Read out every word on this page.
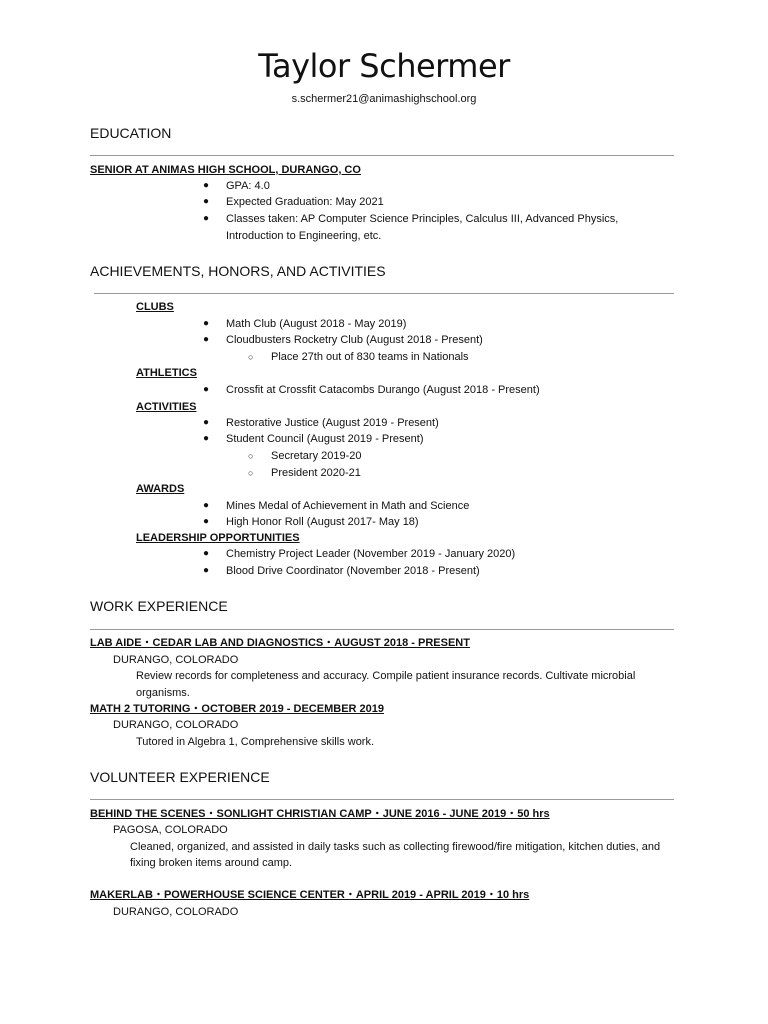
Taylor Schermer
s.schermer21@animashighschool.org
EDUCATION
SENIOR AT ANIMAS HIGH SCHOOL, DURANGO, CO
● GPA: 4.0
● Expected Graduation: May 2021
● Classes taken: AP Computer Science Principles, Calculus III, Advanced Physics,
Introduction to Engineering, etc.
ACHIEVEMENTS, HONORS, AND ACTIVITIES
CLUBS
● Math Club (August 2018 - May 2019)
● Cloudbusters Rocketry Club (August 2018 - Present)
○ Place 27th out of 830 teams in Nationals
ATHLETICS
● Crossfit at Crossfit Catacombs Durango (August 2018 - Present)
ACTIVITIES
● Restorative Justice (August 2019 - Present)
● Student Council (August 2019 - Present)
○ Secretary 2019-20
○ President 2020-21
AWARDS
● Mines Medal of Achievement in Math and Science
● High Honor Roll (August 2017- May 18)
LEADERSHIP OPPORTUNITIES
● Chemistry Project Leader (November 2019 - January 2020)
● Blood Drive Coordinator (November 2018 - Present)
WORK EXPERIENCE
LAB AIDE・CEDAR LAB AND DIAGNOSTICS・AUGUST 2018 - PRESENT
DURANGO, COLORADO
Review records for completeness and accuracy. Compile patient insurance records. Cultivate microbial
organisms.
MATH 2 TUTORING・OCTOBER 2019 - DECEMBER 2019
DURANGO, COLORADO
Tutored in Algebra 1, Comprehensive skills work.
VOLUNTEER EXPERIENCE
BEHIND THE SCENES・SONLIGHT CHRISTIAN CAMP・JUNE 2016 - JUNE 2019・50 hrs
PAGOSA, COLORADO
Cleaned, organized, and assisted in daily tasks such as collecting firewood/fire mitigation, kitchen duties, and
fixing broken items around camp.
MAKERLAB・POWERHOUSE SCIENCE CENTER・APRIL 2019 - APRIL 2019・10 hrs
DURANGO, COLORADO
